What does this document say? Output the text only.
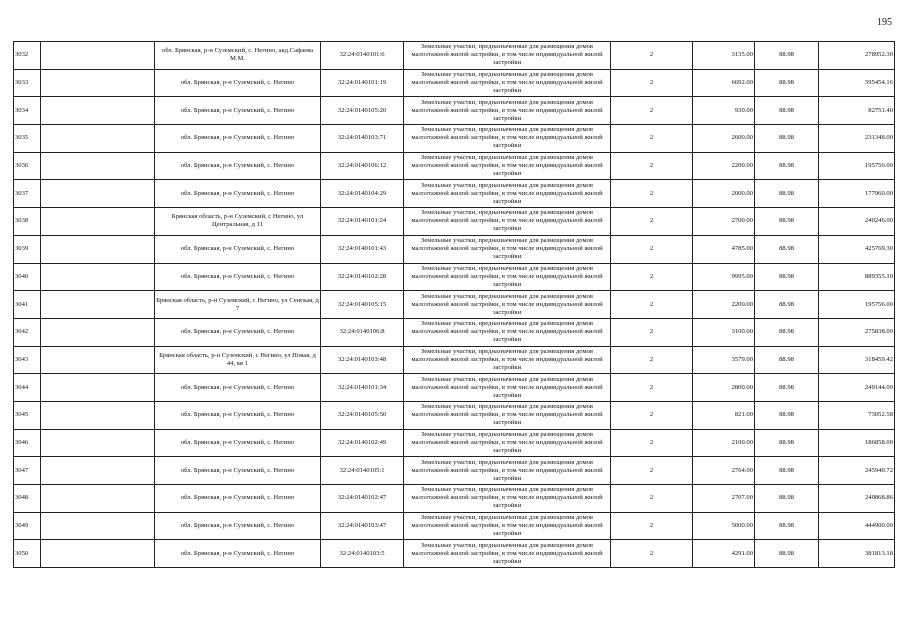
195
3032		обл. Брянская, р-н Суземский, с. Негино, акд.Сафаева М.М.	32:24:0140101:6	Земельные участки, предназначенные для размещения домов малоэтажной жилой застройки, в том числе индивидуальной жилой застройки	2	3135.00	88.98	278952.30
3033		обл. Брянская, р-н Суземский, с. Негино	32:24:0140101:19	Земельные участки, предназначенные для размещения домов малоэтажной жилой застройки, в том числе индивидуальной жилой застройки	2	6692.00	88.98	595454.16
3034		обл. Брянская, р-н Суземский, с. Негино	32:24:0140105:20	Земельные участки, предназначенные для размещения домов малоэтажной жилой застройки, в том числе индивидуальной жилой застройки	2	930.00	88.98	82751.40
3035		обл. Брянская, р-н Суземский, с. Негино	32:24:0140103:71	Земельные участки, предназначенные для размещения домов малоэтажной жилой застройки, в том числе индивидуальной жилой застройки	2	2600.00	88.98	231348.00
3036		обл. Брянская, р-н Суземский, с. Негино	32:24:0140106:12	Земельные участки, предназначенные для размещения домов малоэтажной жилой застройки, в том числе индивидуальной жилой застройки	2	2200.00	88.98	195756.00
3037		обл. Брянская, р-н Суземский, с. Негино	32:24:0140104:29	Земельные участки, предназначенные для размещения домов малоэтажной жилой застройки, в том числе индивидуальной жилой застройки	2	2000.00	88.98	177960.00
3038		Брянская область, р-н Суземский, с Негино, ул Центральная, д 11	32:24:0140101:24	Земельные участки, предназначенные для размещения домов малоэтажной жилой застройки, в том числе индивидуальной жилой застройки	2	2700.00	88.98	240246.00
3039		обл. Брянская, р-н Суземский, с. Негино	32:24:0140101:43	Земельные участки, предназначенные для размещения домов малоэтажной жилой застройки, в том числе индивидуальной жилой застройки	2	4785.00	88.98	425769.30
3040		обл. Брянская, р-н Суземский, с. Негино	32:24:0140102:28	Земельные участки, предназначенные для размещения домов малоэтажной жилой застройки, в том числе индивидуальной жилой застройки	2	9995.00	88.98	889355.10
3041		Брянская область, р-н Суземский, с Негино, ул Сенская, д 7	32:24:0140105:15	Земельные участки, предназначенные для размещения домов малоэтажной жилой застройки, в том числе индивидуальной жилой застройки	2	2200.00	88.98	195756.00
3042		обл. Брянская, р-н Суземский, с. Негино	32:24:0140106:8	Земельные участки, предназначенные для размещения домов малоэтажной жилой застройки, в том числе индивидуальной жилой застройки	2	3100.00	88.98	275838.00
3043		Брянская область, р-н Суземский, с Негино, ул Новая, д 44, кв 1	32:24:0140103:48	Земельные участки, предназначенные для размещения домов малоэтажной жилой застройки, в том числе индивидуальной жилой застройки	2	3579.00	88.98	318459.42
3044		обл. Брянская, р-н Суземский, с. Негино	32:24:0140101:34	Земельные участки, предназначенные для размещения домов малоэтажной жилой застройки, в том числе индивидуальной жилой застройки	2	2800.00	88.98	249144.00
3045		обл. Брянская, р-н Суземский, с. Негино	32:24:0140105:50	Земельные участки, предназначенные для размещения домов малоэтажной жилой застройки, в том числе индивидуальной жилой застройки	2	821.00	88.98	73052.58
3046		обл. Брянская, р-н Суземский, с. Негино	32:24:0140102:49	Земельные участки, предназначенные для размещения домов малоэтажной жилой застройки, в том числе индивидуальной жилой застройки	2	2100.00	88.98	186858.00
3047		обл. Брянская, р-н Суземский, с. Негино	32:24:0140105:1	Земельные участки, предназначенные для размещения домов малоэтажной жилой застройки, в том числе индивидуальной жилой застройки	2	2764.00	88.98	245940.72
3048		обл. Брянская, р-н Суземский, с. Негино	32:24:0140102:47	Земельные участки, предназначенные для размещения домов малоэтажной жилой застройки, в том числе индивидуальной жилой застройки	2	2707.00	88.98	240868.86
3049		обл. Брянская, р-н Суземский, с. Негино	32:24:0140103:47	Земельные участки, предназначенные для размещения домов малоэтажной жилой застройки, в том числе индивидуальной жилой застройки	2	5000.00	88.98	444900.00
3050		обл. Брянская, р-н Суземский, с. Негино	32:24:0140103:5	Земельные участки, предназначенные для размещения домов малоэтажной жилой застройки, в том числе индивидуальной жилой застройки	2	4291.00	88.98	381813.18
